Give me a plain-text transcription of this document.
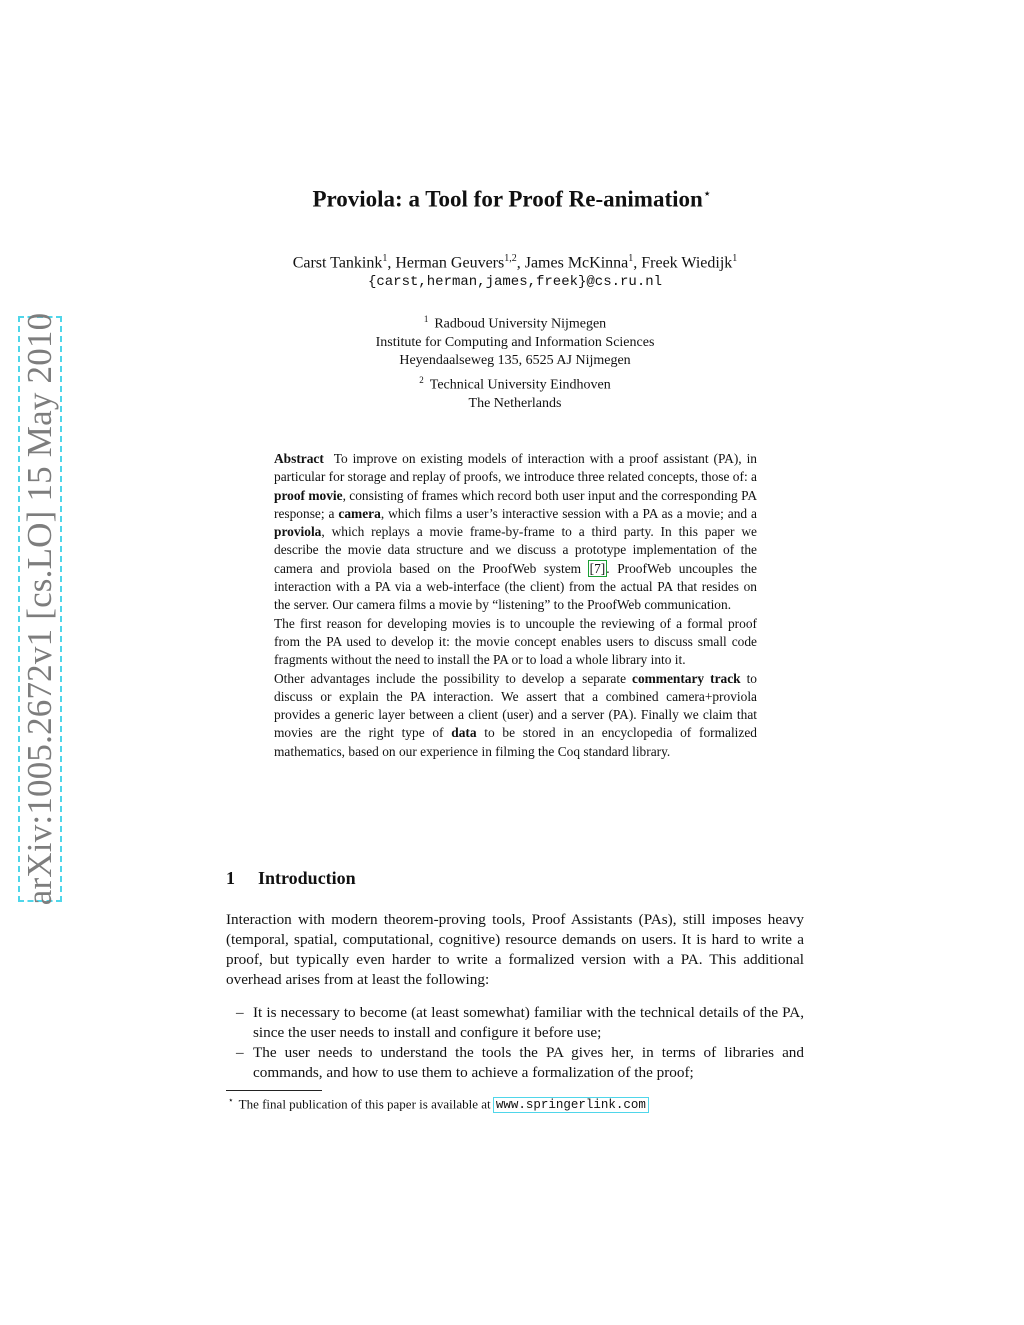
arXiv:1005.2672v1 [cs.LO] 15 May 2010
Proviola: a Tool for Proof Re-animation⋆
Carst Tankink$^1$, Herman Geuvers$^{1,2}$, James McKinna$^1$, Freek Wiedijk$^1$
{carst,herman,james,freek}@cs.ru.nl
$^1$ Radboud University Nijmegen
Institute for Computing and Information Sciences
Heyendaalseweg 135, 6525 AJ Nijmegen
$^2$ Technical University Eindhoven
The Netherlands

Abstract To improve on existing models of interaction with a proof assistant (PA), in particular for storage and replay of proofs, we introduce three related concepts, those of: a proof movie, consisting of frames which record both user input and the corresponding PA response; a camera, which films a user’s interactive session with a PA as a movie; and a proviola, which replays a movie frame-by-frame to a third party. In this paper we describe the movie data structure and we discuss a prototype implementation of the camera and proviola based on the ProofWeb system [7]. ProofWeb uncouples the interaction with a PA via a web-interface (the client) from the actual PA that resides on the server. Our camera films a movie by “listening” to the ProofWeb communication.

The first reason for developing movies is to uncouple the reviewing of a formal proof from the PA used to develop it: the movie concept enables users to discuss small code fragments without the need to install the PA or to load a whole library into it.

Other advantages include the possibility to develop a separate commentary track to discuss or explain the PA interaction. We assert that a combined camera+proviola provides a generic layer between a client (user) and a server (PA). Finally we claim that movies are the right type of data to be stored in an encyclopedia of formalized mathematics, based on our experience in filming the Coq standard library.

1 Introduction

Interaction with modern theorem-proving tools, Proof Assistants (PAs), still imposes heavy (temporal, spatial, computational, cognitive) resource demands on users. It is hard to write a proof, but typically even harder to write a formalized version with a PA. This additional overhead arises from at least the following:

– It is necessary to become (at least somewhat) familiar with the technical details of the PA, since the user needs to install and configure it before use;
– The user needs to understand the tools the PA gives her, in terms of libraries and commands, and how to use them to achieve a formalization of the proof;
⋆ The final publication of this paper is available at www.springerlink.com
